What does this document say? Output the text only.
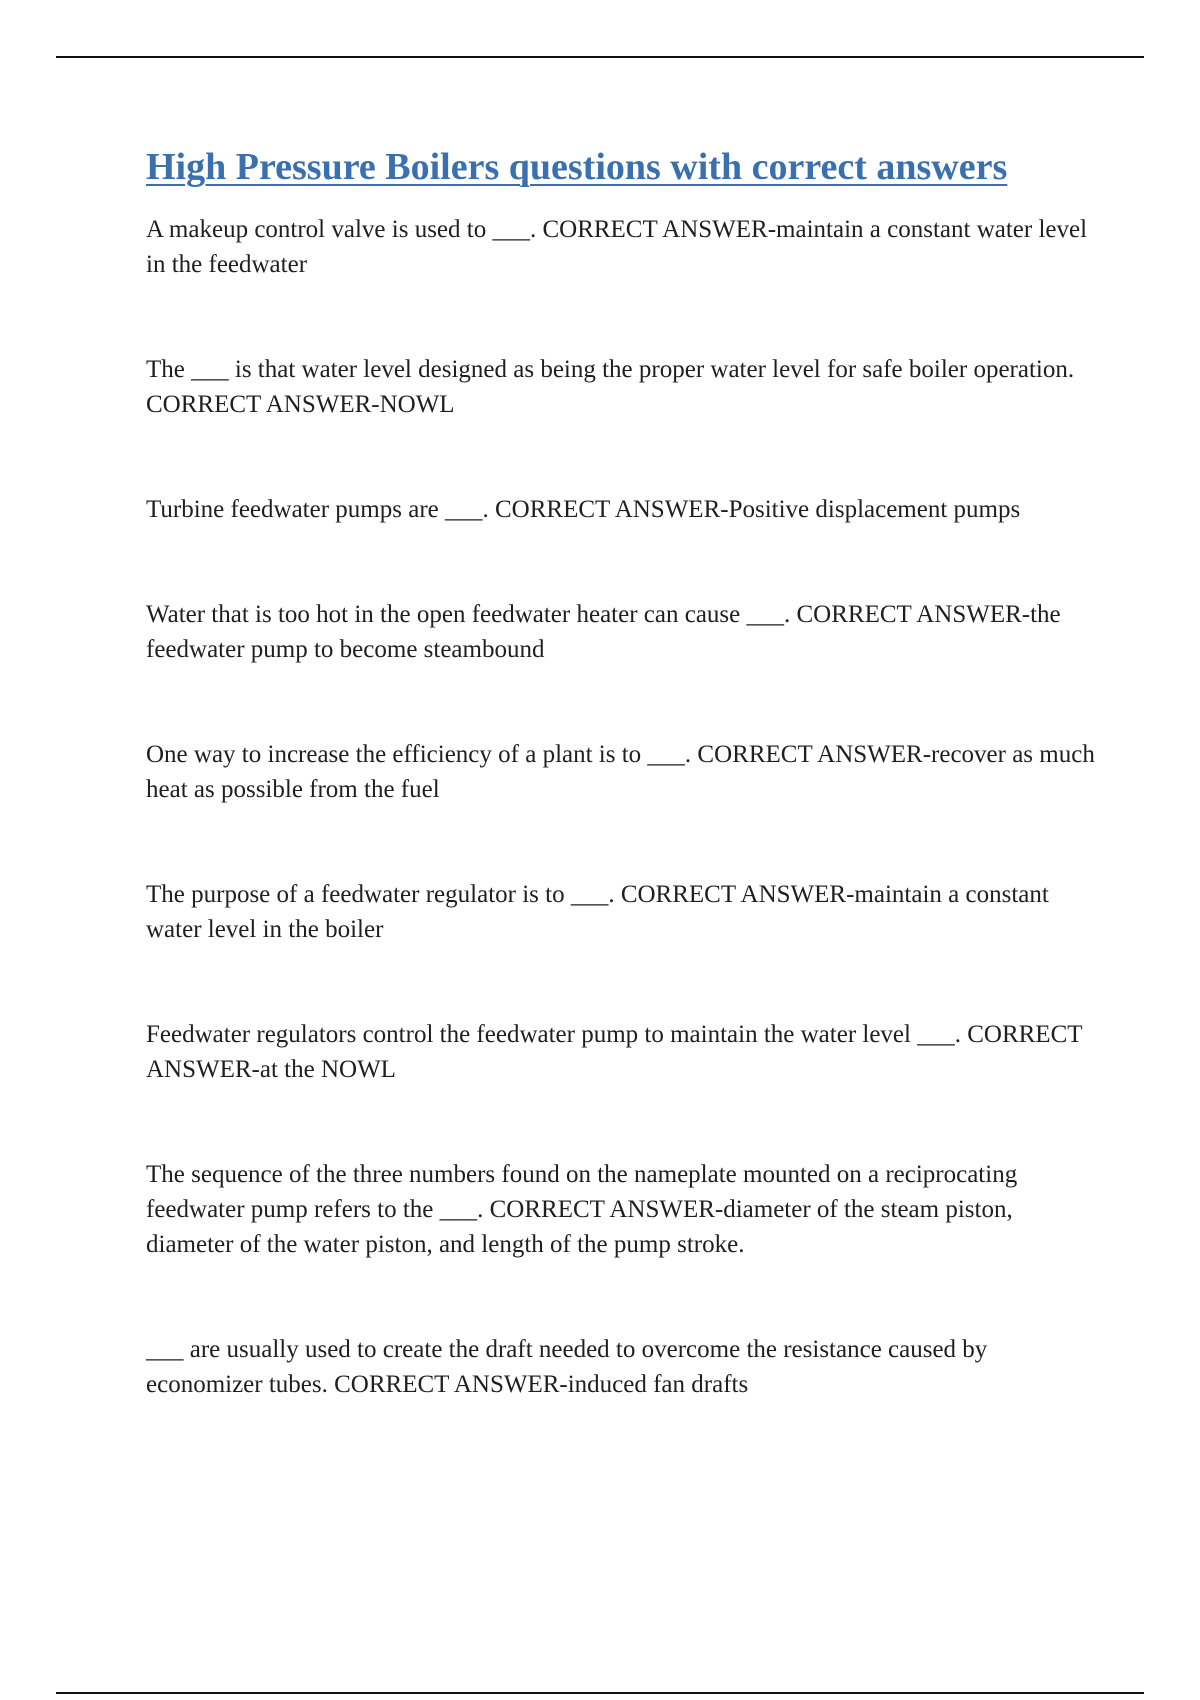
High Pressure Boilers questions with correct answers

A makeup control valve is used to ___. CORRECT ANSWER-maintain a constant water level in the feedwater

The ___ is that water level designed as being the proper water level for safe boiler operation. CORRECT ANSWER-NOWL

Turbine feedwater pumps are ___. CORRECT ANSWER-Positive displacement pumps

Water that is too hot in the open feedwater heater can cause ___. CORRECT ANSWER-the feedwater pump to become steambound

One way to increase the efficiency of a plant is to ___. CORRECT ANSWER-recover as much heat as possible from the fuel

The purpose of a feedwater regulator is to ___. CORRECT ANSWER-maintain a constant water level in the boiler

Feedwater regulators control the feedwater pump to maintain the water level ___. CORRECT ANSWER-at the NOWL

The sequence of the three numbers found on the nameplate mounted on a reciprocating feedwater pump refers to the ___. CORRECT ANSWER-diameter of the steam piston, diameter of the water piston, and length of the pump stroke.

___ are usually used to create the draft needed to overcome the resistance caused by economizer tubes. CORRECT ANSWER-induced fan drafts
